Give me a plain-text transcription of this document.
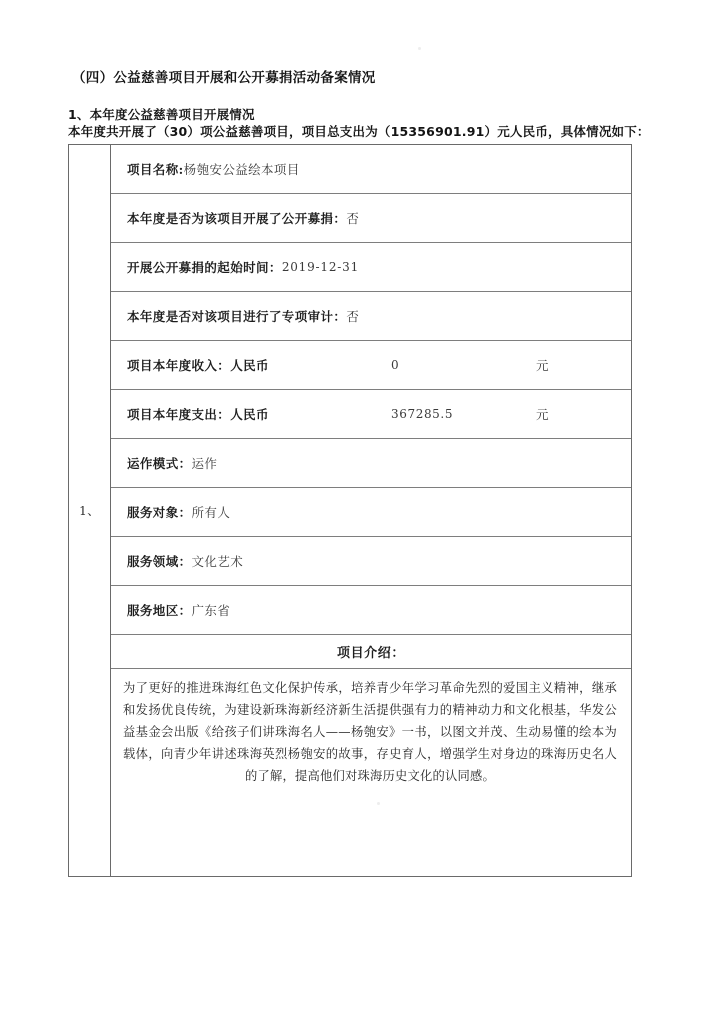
（四）公益慈善项目开展和公开募捐活动备案情况
1、本年度公益慈善项目开展情况
本年度共开展了（30）项公益慈善项目，项目总支出为（15356901.91）元人民币，具体情况如下：
1、
项目名称: 杨匏安公益绘本项目
本年度是否为该项目开展了公开募捐： 否
开展公开募捐的起始时间： 2019-12-31
本年度是否对该项目进行了专项审计： 否
项目本年度收入：人民币	0	元
项目本年度支出：人民币	367285.5	元
运作模式： 运作
服务对象： 所有人
服务领域： 文化艺术
服务地区： 广东省
项目介绍：

为了更好的推进珠海红色文化保护传承，培养青少年学习革命先烈的爱国主义精神，继承和发扬优良传统，为建设新珠海新经济新生活提供强有力的精神动力和文化根基，华发公益基金会出版《给孩子们讲珠海名人——杨匏安》一书，以图文并茂、生动易懂的绘本为载体，向青少年讲述珠海英烈杨匏安的故事，存史育人，增强学生对身边的珠海历史名人的了解，提高他们对珠海历史文化的认同感。
